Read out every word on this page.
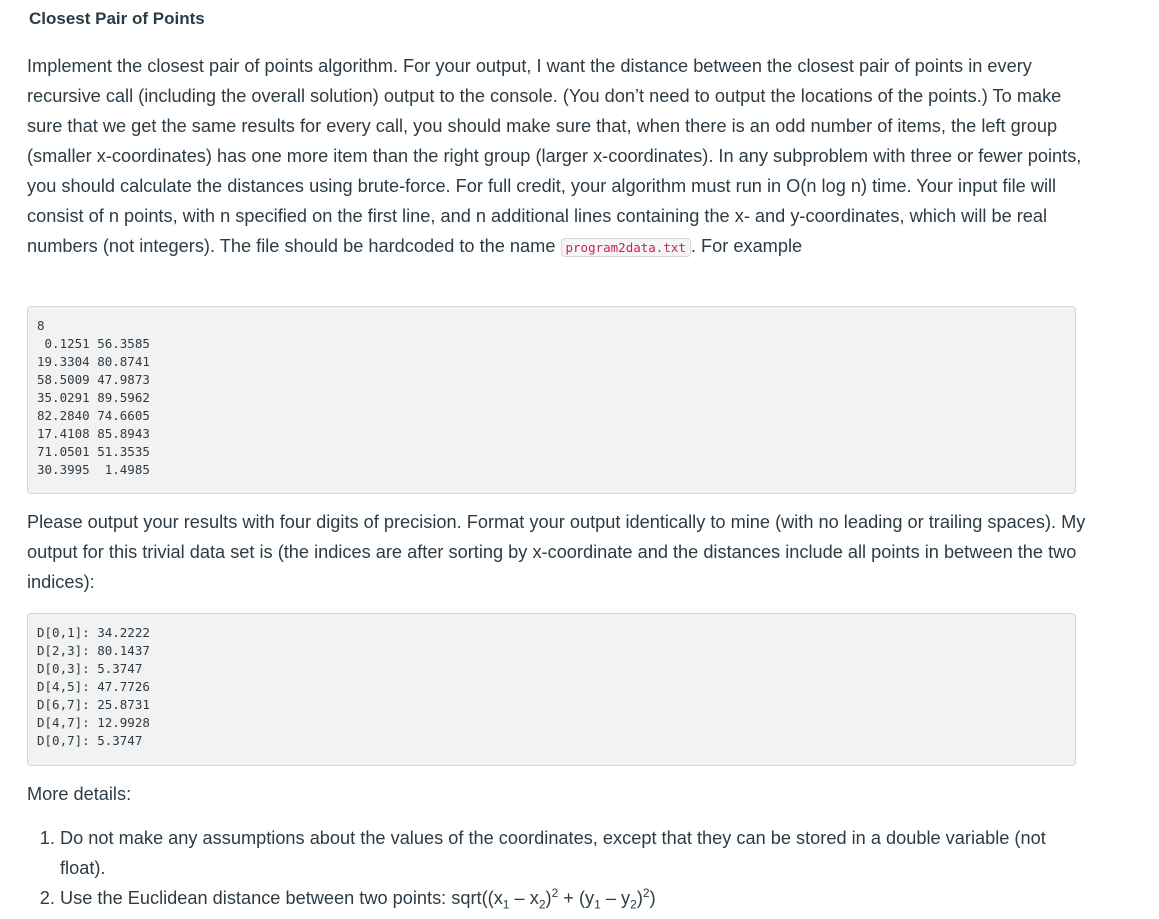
Closest Pair of Points

Implement the closest pair of points algorithm. For your output, I want the distance between the closest pair of points in every recursive call (including the overall solution) output to the console. (You don’t need to output the locations of the points.) To make sure that we get the same results for every call, you should make sure that, when there is an odd number of items, the left group (smaller x-coordinates) has one more item than the right group (larger x-coordinates). In any subproblem with three or fewer points, you should calculate the distances using brute-force. For full credit, your algorithm must run in O(n log n) time. Your input file will consist of n points, with n specified on the first line, and n additional lines containing the x- and y-coordinates, which will be real numbers (not integers). The file should be hardcoded to the name program2data.txt . For example

8
0.1251 56.3585
19.3304 80.8741
58.5009 47.9873
35.0291 89.5962
82.2840 74.6605
17.4108 85.8943
71.0501 51.3535
30.3995  1.4985

Please output your results with four digits of precision. Format your output identically to mine (with no leading or trailing spaces). My output for this trivial data set is (the indices are after sorting by x-coordinate and the distances include all points in between the two indices):

D[0,1]: 34.2222
D[2,3]: 80.1437
D[0,3]: 5.3747
D[4,5]: 47.7726
D[6,7]: 25.8731
D[4,7]: 12.9928
D[0,7]: 5.3747

More details:

1. Do not make any assumptions about the values of the coordinates, except that they can be stored in a double variable (not float).
2. Use the Euclidean distance between two points: $sqrt((x_1 - x_2)^2 + (y_1 - y_2)^2)$
